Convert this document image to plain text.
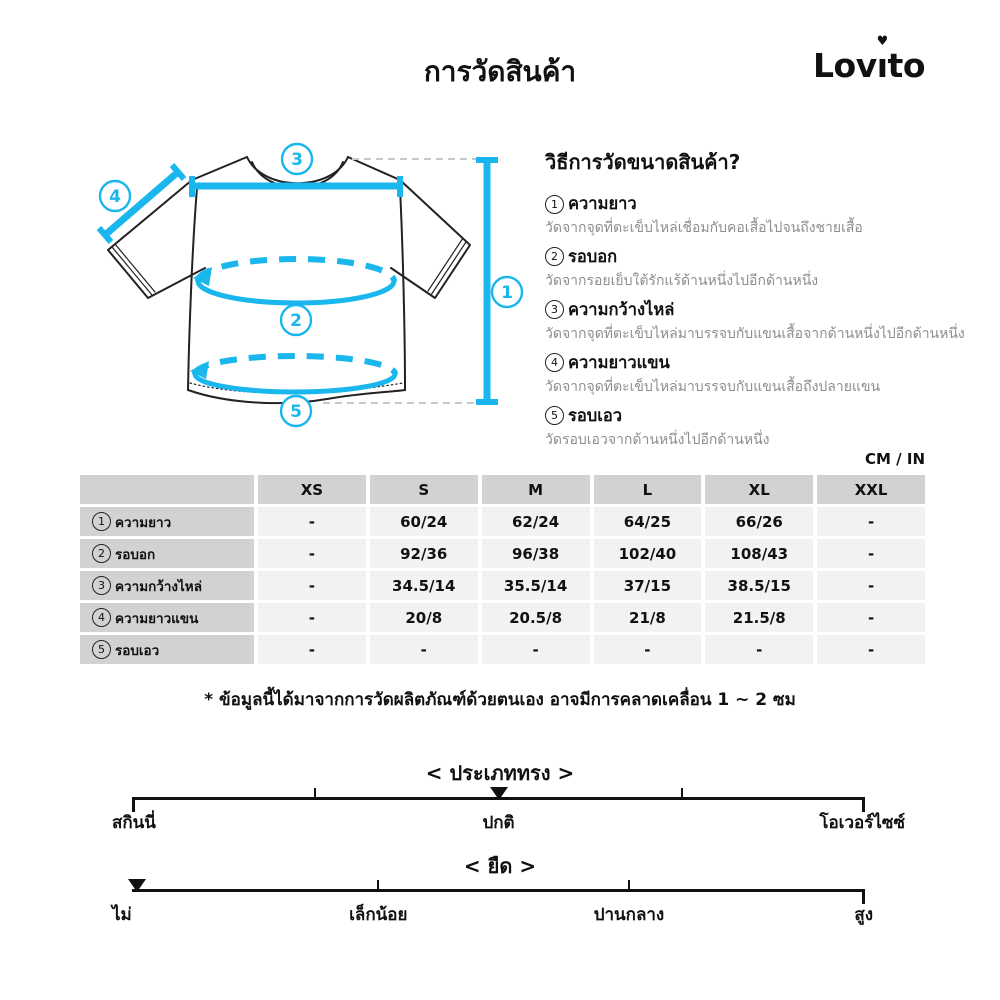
การวัดสินค้า	Lovı
♥
to
3
4
1
2
5
วิธีการวัดขนาดสินค้า?
1 ความยาว
วัดจากจุดที่ตะเข็บไหล่เชื่อมกับคอเสื้อไปจนถึงชายเสื้อ
2 รอบอก
วัดจากรอยเย็บใต้รักแร้ด้านหนึ่งไปอีกด้านหนึ่ง
3 ความกว้างไหล่
วัดจากจุดที่ตะเข็บไหล่มาบรรจบกับแขนเสื้อจากด้านหนึ่งไปอีกด้านหนึ่ง
4 ความยาวแขน
วัดจากจุดที่ตะเข็บไหล่มาบรรจบกับแขนเสื้อถึงปลายแขน
5 รอบเอว
วัดรอบเอวจากด้านหนึ่งไปอีกด้านหนึ่ง
CM / IN
XS	S	M	L	XL	XXL
1 ความยาว	-	60/24	62/24	64/25	66/26	-
2 รอบอก	-	92/36	96/38	102/40	108/43	-
3 ความกว้างไหล่	-	34.5/14	35.5/14	37/15	38.5/15	-
4 ความยาวแขน	-	20/8	20.5/8	21/8	21.5/8	-
5 รอบเอว	-	-	-	-	-	-
* ข้อมูลนี้ได้มาจากการวัดผลิตภัณฑ์ด้วยตนเอง อาจมีการคลาดเคลื่อน 1 ~ 2 ซม
< ประเภททรง >
สกินนี่	ปกติ	โอเวอร์ไซซ์
< ยืด >
ไม่	เล็กน้อย	ปานกลาง	สูง
